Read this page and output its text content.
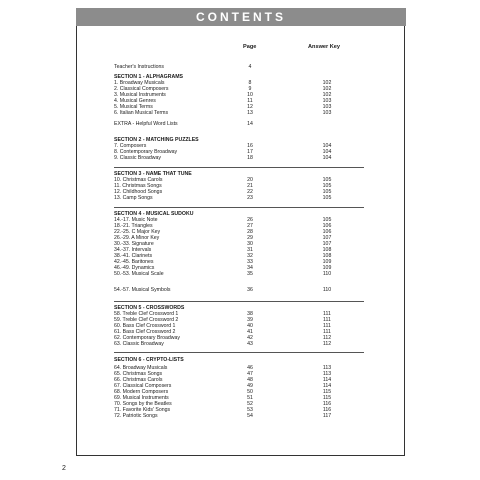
CONTENTS
Page	Answer Key
Teacher's Instructions	4
SECTION 1 - ALPHAGRAMS
1. Broadway Musicals	8	102
2. Classical Composers	9	102
3. Musical Instruments	10	102
4. Musical Genres	11	103
5. Musical Terms	12	103
6. Italian Musical Terms	13	103
EXTRA - Helpful Word Lists	14
SECTION 2 - MATCHING PUZZLES
7. Composers	16	104
8. Contemporary Broadway	17	104
9. Classic Broadway	18	104
SECTION 3 - NAME THAT TUNE
10. Christmas Carols	20	105
11. Christmas Songs	21	105
12. Childhood Songs	22	105
13. Camp Songs	23	105
SECTION 4 - MUSICAL SUDOKU
14.-17. Music Note	26	105
18.-21. Triangles	27	106
22.-25. C Major Key	28	106
26.-29. A Minor Key	29	107
30.-33. Signature	30	107
34.-37. Intervals	31	108
38.-41. Clarinets	32	108
42.-45. Baritones	33	109
46.-49. Dynamics	34	109
50.-53. Musical Scale	35	110
54.-57. Musical Symbols	36	110
SECTION 5 - CROSSWORDS
58. Treble Clef Crossword 1	38	111
59. Treble Clef Crossword 2	39	111
60. Bass Clef Crossword 1	40	111
61. Bass Clef Crossword 2	41	111
62. Contemporary Broadway	42	112
63. Classic Broadway	43	112
SECTION 6 - CRYPTO-LISTS
64. Broadway Musicals	46	113
65. Christmas Songs	47	113
66. Christmas Carols	48	114
67. Classical Composers	49	114
68. Modern Composers	50	115
69. Musical Instruments	51	115
70. Songs by the Beatles	52	116
71. Favorite Kids' Songs	53	116
72. Patriotic Songs	54	117
2
